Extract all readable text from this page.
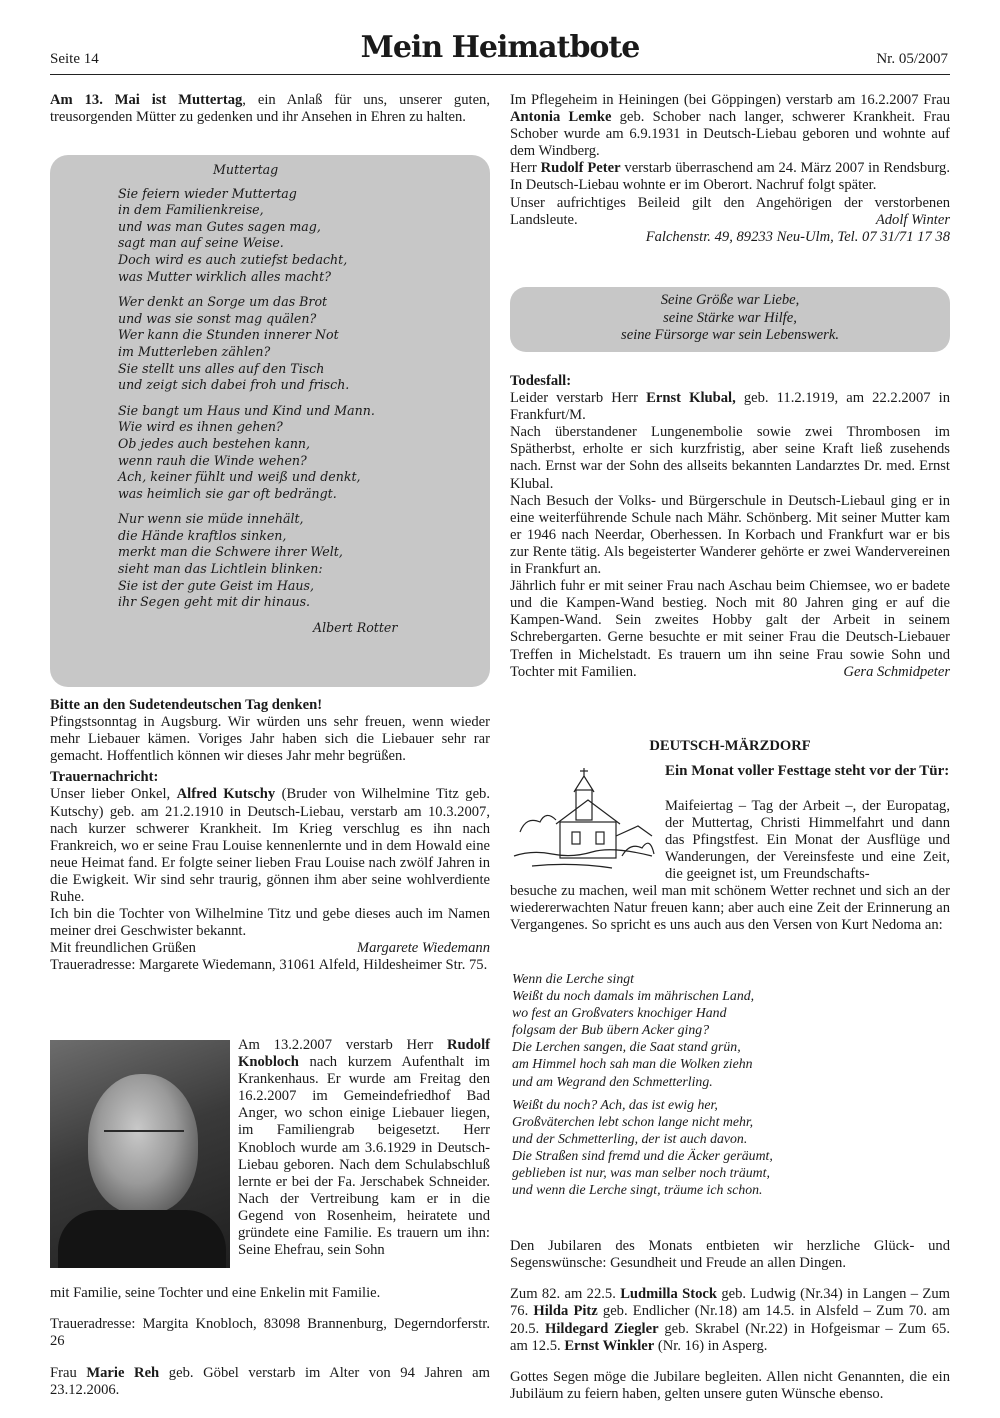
Seite 14	Mein Heimatbote	Nr. 05/2007

Am 13. Mai ist Muttertag, ein Anlaß für uns, unserer guten, treusorgenden Mütter zu gedenken und ihr Ansehen in Ehren zu halten.

Muttertag
Sie feiern wieder Muttertag
in dem Familienkreise,
und was man Gutes sagen mag,
sagt man auf seine Weise.
Doch wird es auch zutiefst bedacht,
was Mutter wirklich alles macht?
Wer denkt an Sorge um das Brot
und was sie sonst mag quälen?
Wer kann die Stunden innerer Not
im Mutterleben zählen?
Sie stellt uns alles auf den Tisch
und zeigt sich dabei froh und frisch.
Sie bangt um Haus und Kind und Mann.
Wie wird es ihnen gehen?
Ob jedes auch bestehen kann,
wenn rauh die Winde wehen?
Ach, keiner fühlt und weiß und denkt,
was heimlich sie gar oft bedrängt.
Nur wenn sie müde innehält,
die Hände kraftlos sinken,
merkt man die Schwere ihrer Welt,
sieht man das Lichtlein blinken:
Sie ist der gute Geist im Haus,
ihr Segen geht mit dir hinaus.
Albert Rotter

Bitte an den Sudetendeutschen Tag denken!

Pfingstsonntag in Augsburg. Wir würden uns sehr freuen, wenn wieder mehr Liebauer kämen. Voriges Jahr haben sich die Liebauer sehr rar gemacht. Hoffentlich können wir dieses Jahr mehr begrüßen.

Trauernachricht:

Unser lieber Onkel, Alfred Kutschy (Bruder von Wilhelmine Titz geb. Kutschy) geb. am 21.2.1910 in Deutsch-Liebau, verstarb am 10.3.2007, nach kurzer schwerer Krankheit. Im Krieg verschlug es ihn nach Frankreich, wo er seine Frau Louise kennenlernte und in dem Howald eine neue Heimat fand. Er folgte seiner lieben Frau Louise nach zwölf Jahren in die Ewigkeit. Wir sind sehr traurig, gönnen ihm aber seine wohlverdiente Ruhe.

Ich bin die Tochter von Wilhelmine Titz und gebe dieses auch im Namen meiner drei Geschwister bekannt.

Mit freundlichen Grüßen	Margarete Wiedemann

Traueradresse: Margarete Wiedemann, 31061 Alfeld, Hildesheimer Str. 75.

Am 13.2.2007 verstarb Herr Rudolf Knobloch nach kurzem Aufenthalt im Krankenhaus. Er wurde am Freitag den 16.2.2007 im Gemeindefriedhof Bad Anger, wo schon einige Liebauer liegen, im Familiengrab beigesetzt. Herr Knobloch wurde am 3.6.1929 in Deutsch-Liebau geboren. Nach dem Schulabschluß lernte er bei der Fa. Jerschabek Schneider. Nach der Vertreibung kam er in die Gegend von Rosenheim, heiratete und gründete eine Familie. Es trauern um ihn: Seine Ehefrau, sein Sohn

mit Familie, seine Tochter und eine Enkelin mit Familie.

Traueradresse: Margita Knobloch, 83098 Brannenburg, Degerndorferstr. 26

Frau Marie Reh geb. Göbel verstarb im Alter von 94 Jahren am 23.12.2006.

Im Pflegeheim in Heiningen (bei Göppingen) verstarb am 16.2.2007 Frau Antonia Lemke geb. Schober nach langer, schwerer Krankheit. Frau Schober wurde am 6.9.1931 in Deutsch-Liebau geboren und wohnte auf dem Windberg.

Herr Rudolf Peter verstarb überraschend am 24. März 2007 in Rendsburg. In Deutsch-Liebau wohnte er im Oberort. Nachruf folgt später.

Unser aufrichtiges Beileid gilt den Angehörigen der verstorbenen Landsleute.	Adolf Winter

Falchenstr. 49, 89233 Neu-Ulm, Tel. 07 31/71 17 38

Seine Größe war Liebe,
seine Stärke war Hilfe,
seine Fürsorge war sein Lebenswerk.

Todesfall:

Leider verstarb Herr Ernst Klubal, geb. 11.2.1919, am 22.2.2007 in Frankfurt/M.

Nach überstandener Lungenembolie sowie zwei Thrombosen im Spätherbst, erholte er sich kurzfristig, aber seine Kraft ließ zusehends nach. Ernst war der Sohn des allseits bekannten Landarztes Dr. med. Ernst Klubal.

Nach Besuch der Volks- und Bürgerschule in Deutsch-Liebaul ging er in eine weiterführende Schule nach Mähr. Schönberg. Mit seiner Mutter kam er 1946 nach Neerdar, Oberhessen. In Korbach und Frankfurt war er bis zur Rente tätig. Als begeisterter Wanderer gehörte er zwei Wandervereinen in Frankfurt an.

Jährlich fuhr er mit seiner Frau nach Aschau beim Chiemsee, wo er badete und die Kampen-Wand bestieg. Noch mit 80 Jahren ging er auf die Kampen-Wand. Sein zweites Hobby galt der Arbeit in seinem Schrebergarten. Gerne besuchte er mit seiner Frau die Deutsch-Liebauer Treffen in Michelstadt. Es trauern um ihn seine Frau sowie Sohn und Tochter mit Familien.	Gera Schmidpeter

DEUTSCH-MÄRZDORF
Ein Monat voller Festtage steht vor der Tür:
Maifeiertag – Tag der Arbeit –, der Europatag, der Muttertag, Christi Himmelfahrt und dann das Pfingstfest. Ein Monat der Ausflüge und Wanderungen, der Vereinsfeste und eine Zeit, die geeignet ist, um Freundschafts-
besuche zu machen, weil man mit schönem Wetter rechnet und sich an der wiedererwachten Natur freuen kann; aber auch eine Zeit der Erinnerung an Vergangenes. So spricht es uns auch aus den Versen von Kurt Nedoma an:
Wenn die Lerche singt
Weißt du noch damals im mährischen Land,
wo fest an Großvaters knochiger Hand
folgsam der Bub übern Acker ging?
Die Lerchen sangen, die Saat stand grün,
am Himmel hoch sah man die Wolken ziehn
und am Wegrand den Schmetterling.
Weißt du noch? Ach, das ist ewig her,
Großväterchen lebt schon lange nicht mehr,
und der Schmetterling, der ist auch davon.
Die Straßen sind fremd und die Äcker geräumt,
geblieben ist nur, was man selber noch träumt,
und wenn die Lerche singt, träume ich schon.

Den Jubilaren des Monats entbieten wir herzliche Glück- und Segenswünsche: Gesundheit und Freude an allen Dingen.

Zum 82. am 22.5. Ludmilla Stock geb. Ludwig (Nr.34) in Langen – Zum 76. Hilda Pitz geb. Endlicher (Nr.18) am 14.5. in Alsfeld – Zum 70. am 20.5. Hildegard Ziegler geb. Skrabel (Nr.22) in Hofgeismar – Zum 65. am 12.5. Ernst Winkler (Nr. 16) in Asperg.

Gottes Segen möge die Jubilare begleiten. Allen nicht Genannten, die ein Jubiläum zu feiern haben, gelten unsere guten Wünsche ebenso.
